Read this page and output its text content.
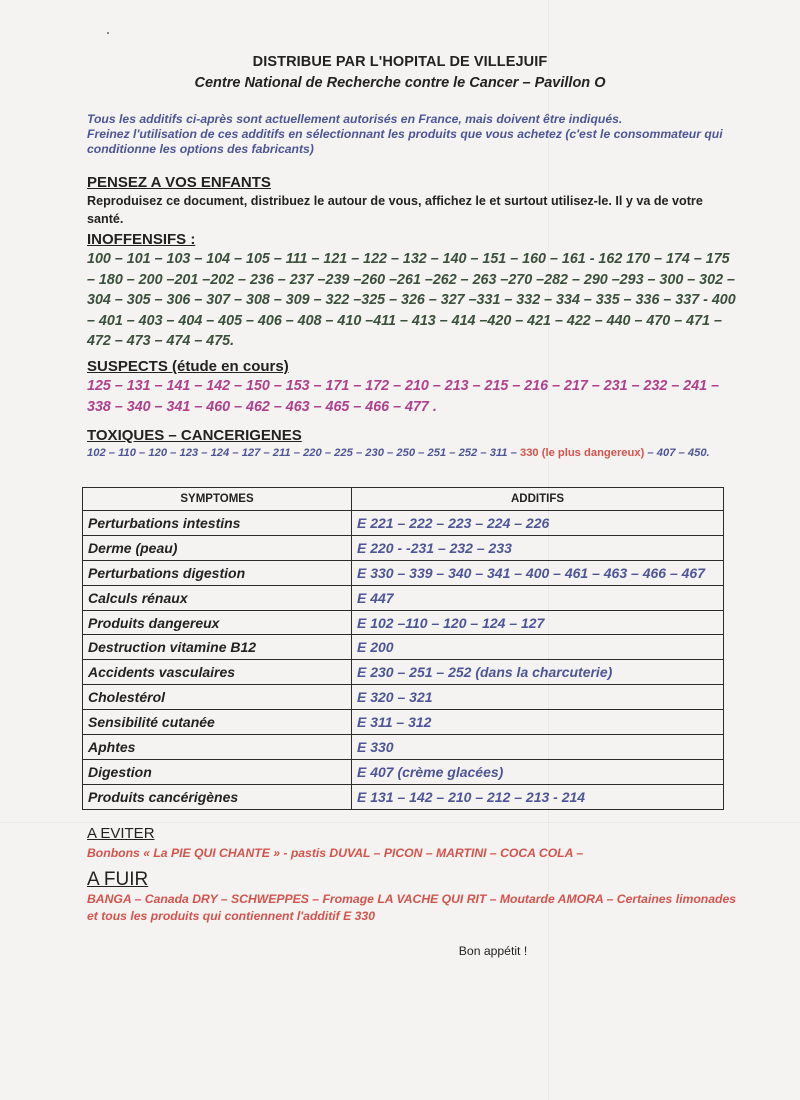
DISTRIBUE PAR L'HOPITAL DE VILLEJUIF
Centre National de Recherche contre le Cancer – Pavillon O
Tous les additifs ci-après sont actuellement autorisés en France, mais doivent être indiqués.
Freinez l'utilisation de ces additifs en sélectionnant les produits que vous achetez (c'est le consommateur qui conditionne les options des fabricants)
PENSEZ A VOS ENFANTS
Reproduisez ce document, distribuez le autour de vous, affichez le et surtout utilisez-le. Il y va de votre santé.
INOFFENSIFS :
100 – 101 – 103 – 104 – 105 – 111 – 121 – 122 – 132 – 140 – 151 – 160 – 161 - 162 170 – 174 – 175 – 180 – 200 –201 –202 – 236 – 237 –239 –260 –261 –262 – 263 –270 –282 – 290 –293 – 300 – 302 – 304 – 305 – 306 – 307 – 308 – 309 – 322 –325 – 326 – 327 –331 – 332 – 334 – 335 – 336 – 337 - 400 – 401 – 403 – 404 – 405 – 406 – 408 – 410 –411 – 413 – 414 –420 – 421 – 422 – 440 – 470 – 471 – 472 – 473 – 474 – 475.
SUSPECTS (étude en cours)
125 – 131 – 141 – 142 – 150 – 153 – 171 – 172 – 210 – 213 – 215 – 216 – 217 – 231 – 232 – 241 – 338 – 340 – 341 – 460 – 462 – 463 – 465 – 466 – 477 .
TOXIQUES – CANCERIGENES
102 – 110 – 120 – 123 – 124 – 127 – 211 – 220 – 225 – 230 – 250 – 251 – 252 – 311 – 330 (le plus dangereux) – 407 – 450.
SYMPTOMES	ADDITIFS
Perturbations intestins	E 221 – 222 – 223 – 224 – 226
Derme (peau)	E 220 - -231 – 232 – 233
Perturbations digestion	E 330 – 339 – 340 – 341 – 400 – 461 – 463 – 466 – 467
Calculs rénaux	E 447
Produits dangereux	E 102 –110 – 120 – 124 – 127
Destruction vitamine B12	E 200
Accidents vasculaires	E 230 – 251 – 252 (dans la charcuterie)
Cholestérol	E 320 – 321
Sensibilité cutanée	E 311 – 312
Aphtes	E 330
Digestion	E 407 (crème glacées)
Produits cancérigènes	E 131 – 142 – 210 – 212 – 213 - 214
A EVITER
Bonbons « La PIE QUI CHANTE » - pastis DUVAL – PICON – MARTINI – COCA COLA –
A FUIR
BANGA – Canada DRY – SCHWEPPES – Fromage LA VACHE QUI RIT – Moutarde AMORA – Certaines limonades et tous les produits qui contiennent l'additif E 330
Bon appétit !
